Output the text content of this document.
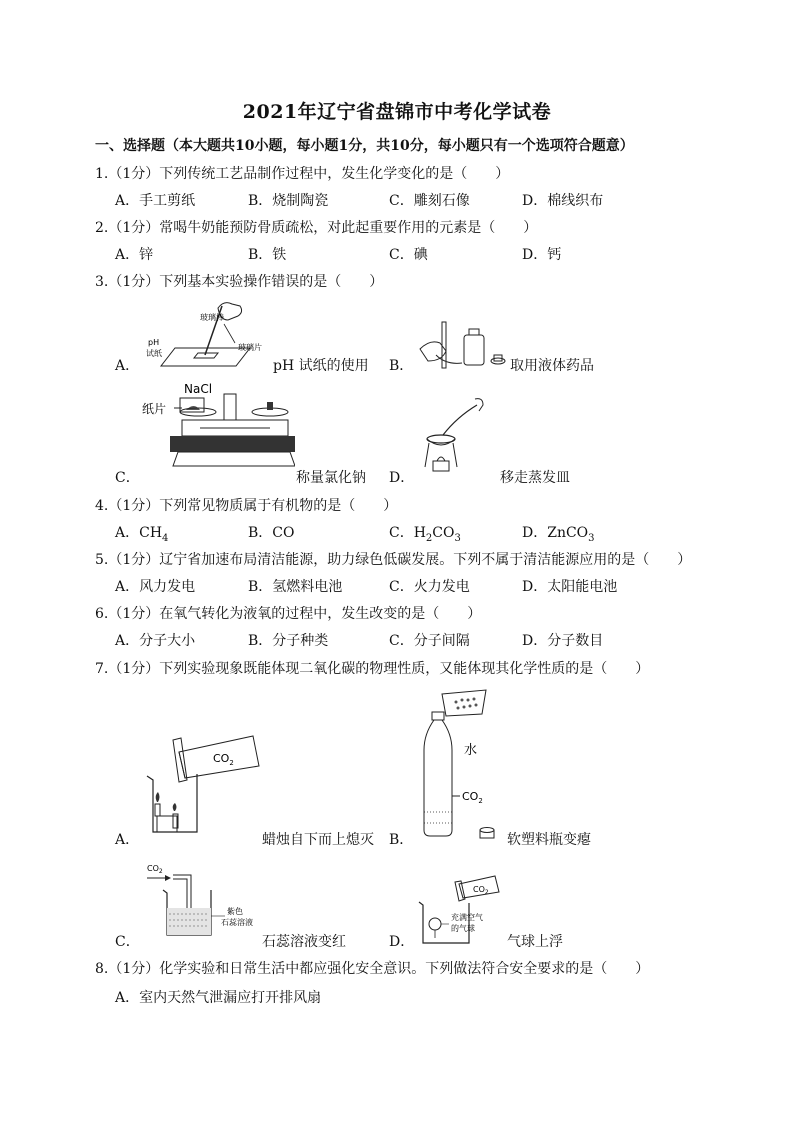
2021年辽宁省盘锦市中考化学试卷
一、选择题（本大题共10小题，每小题1分，共10分，每小题只有一个选项符合题意）
1.（1分）下列传统工艺品制作过程中，发生化学变化的是（　　）
A．手工剪纸	B．烧制陶瓷	C．雕刻石像	D．棉线织布
2.（1分）常喝牛奶能预防骨质疏松，对此起重要作用的元素是（　　）
A．锌	B．铁	C．碘	D．钙
3.（1分）下列基本实验操作错误的是（　　）
A．
玻璃棒
pH
试纸
玻璃片
pH 试纸的使用 B．	取用液体药品
C．
NaCl
纸片
称量氯化钠 D．	移走蒸发皿
4.（1分）下列常见物质属于有机物的是（　　）
A．$CH_4$	B．CO	C．$H_2CO_3$	D．ZnCO$_3$
5.（1分）辽宁省加速布局清洁能源，助力绿色低碳发展。下列不属于清洁能源应用的是（　　）
A．风力发电	B．氢燃料电池	C．火力发电	D．太阳能电池
6.（1分）在氧气转化为液氧的过程中，发生改变的是（　　）
A．分子大小	B．分子种类	C．分子间隔	D．分子数目
7.（1分）下列实验现象既能体现二氧化碳的物理性质，又能体现其化学性质的是（　　）
A．
$CO_2$
蜡烛自下而上熄灭 B．
水
$CO_2$
软塑料瓶变瘪
C．
$CO_2$
紫色
石蕊溶液
石蕊溶液变红	D．
$CO_2$
充满空气
的气球
气球上浮
8.（1分）化学实验和日常生活中都应强化安全意识。下列做法符合安全要求的是（　　）
A．室内天然气泄漏应打开排风扇
